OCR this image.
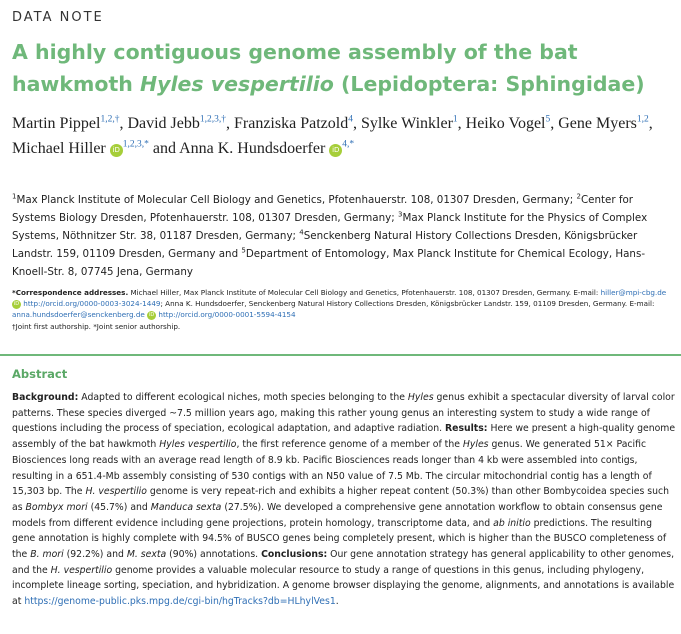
DATA NOTE
A highly contiguous genome assembly of the bat hawkmoth Hyles vespertilio (Lepidoptera: Sphingidae)
Martin Pippel$^{1,2,\dagger}$, David Jebb$^{1,2,3,\dagger}$, Franziska Patzold$^4$, Sylke Winkler$^1$, Heiko Vogel$^5$, Gene Myers$^{1,2}$, Michael Hiller $iD^{1,2,3,*}$ and Anna K. Hundsdoerfer $iD^{4,*}$
$^1$Max Planck Institute of Molecular Cell Biology and Genetics, Pfotenhauerstr. 108, 01307 Dresden, Germany; $^2$Center for Systems Biology Dresden, Pfotenhauerstr. 108, 01307 Dresden, Germany; $^3$Max Planck Institute for the Physics of Complex Systems, Nöthnitzer Str. 38, 01187 Dresden, Germany; $^4$Senckenberg Natural History Collections Dresden, Königsbrücker Landstr. 159, 01109 Dresden, Germany and $^5$Department of Entomology, Max Planck Institute for Chemical Ecology, Hans-Knoell-Str. 8, 07745 Jena, Germany
*Correspondence addresses. Michael Hiller, Max Planck Institute of Molecular Cell Biology and Genetics, Pfotenhauerstr. 108, 01307 Dresden, Germany. E-mail: hiller@mpi-cbg.de iD http://orcid.org/0000-0003-3024-1449; Anna K. Hundsdoerfer, Senckenberg Natural History Collections Dresden, Königsbrücker Landstr. 159, 01109 Dresden, Germany. E-mail: anna.hundsdoerfer@senckenberg.de iD http://orcid.org/0000-0001-5594-4154
†Joint first authorship. *Joint senior authorship.
Abstract
Background: Adapted to different ecological niches, moth species belonging to the Hyles genus exhibit a spectacular diversity of larval color patterns. These species diverged ~7.5 million years ago, making this rather young genus an interesting system to study a wide range of questions including the process of speciation, ecological adaptation, and adaptive radiation. Results: Here we present a high-quality genome assembly of the bat hawkmoth Hyles vespertilio, the first reference genome of a member of the Hyles genus. We generated 51× Pacific Biosciences long reads with an average read length of 8.9 kb. Pacific Biosciences reads longer than 4 kb were assembled into contigs, resulting in a 651.4-Mb assembly consisting of 530 contigs with an N50 value of 7.5 Mb. The circular mitochondrial contig has a length of 15,303 bp. The H. vespertilio genome is very repeat-rich and exhibits a higher repeat content (50.3%) than other Bombycoidea species such as Bombyx mori (45.7%) and Manduca sexta (27.5%). We developed a comprehensive gene annotation workflow to obtain consensus gene models from different evidence including gene projections, protein homology, transcriptome data, and ab initio predictions. The resulting gene annotation is highly complete with 94.5% of BUSCO genes being completely present, which is higher than the BUSCO completeness of the B. mori (92.2%) and M. sexta (90%) annotations. Conclusions: Our gene annotation strategy has general applicability to other genomes, and the H. vespertilio genome provides a valuable molecular resource to study a range of questions in this genus, including phylogeny, incomplete lineage sorting, speciation, and hybridization. A genome browser displaying the genome, alignments, and annotations is available at https://genome-public.pks.mpg.de/cgi-bin/hgTracks?db=HLhylVes1.
